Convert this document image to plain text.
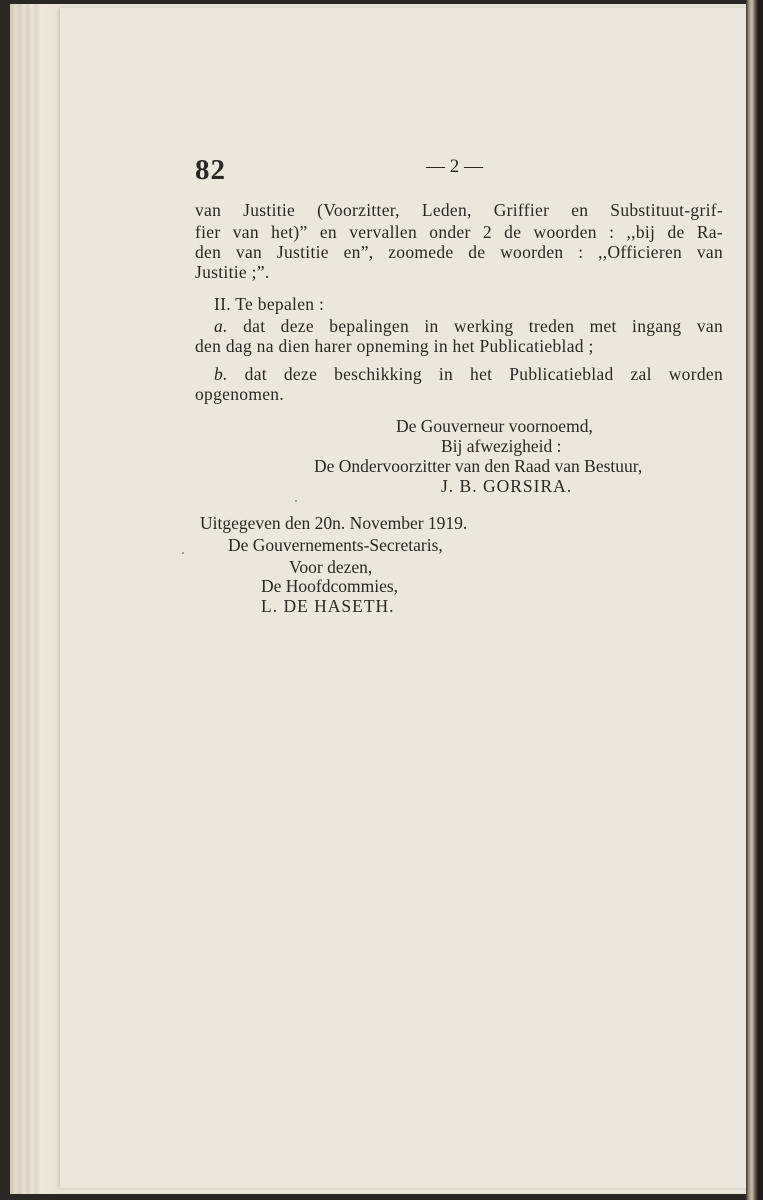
82	— 2 —
van Justitie (Voorzitter, Leden, Griffier en Substituut-grif-
fier van het)” en vervallen onder 2 de woorden : ,,bij de Ra-
den van Justitie en”, zoomede de woorden : ,,Officieren van
Justitie ;”.
II. Te bepalen :
a. dat deze bepalingen in werking treden met ingang van
den dag na dien harer opneming in het Publicatieblad ;
b. dat deze beschikking in het Publicatieblad zal worden
opgenomen.
De Gouverneur voornoemd,
Bij afwezigheid :
De Ondervoorzitter van den Raad van Bestuur,
J. B. GORSIRA.
Uitgegeven den 20n. November 1919.
De Gouvernements-Secretaris,
Voor dezen,
De Hoofdcommies,
L. DE HASETH.
